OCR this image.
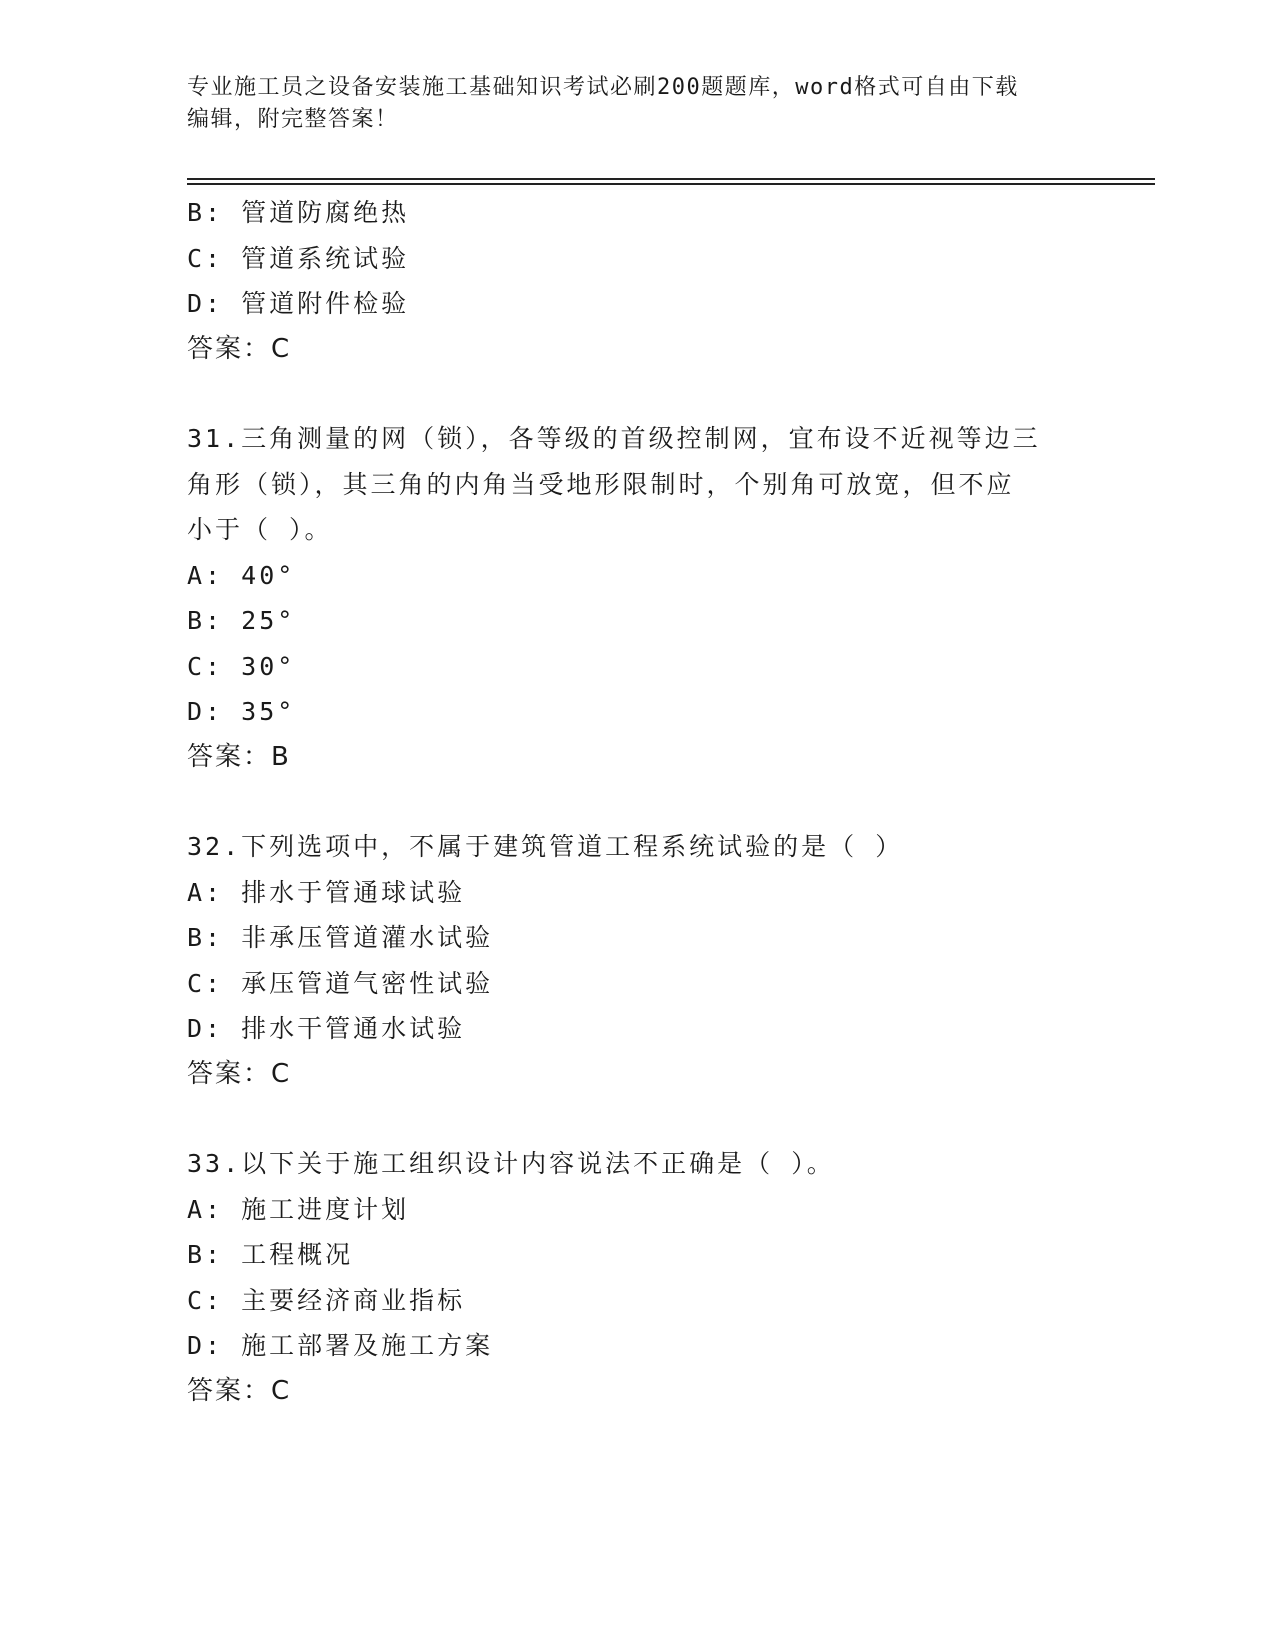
专业施工员之设备安装施工基础知识考试必刷200题题库，word格式可自由下载
编辑，附完整答案！
B: 管道防腐绝热
C: 管道系统试验
D: 管道附件检验
答案：C
31.三角测量的网（锁），各等级的首级控制网，宜布设不近视等边三
角形（锁），其三角的内角当受地形限制时，个别角可放宽，但不应
小于（ ）。
A: 40°
B: 25°
C: 30°
D: 35°
答案：B
32.下列选项中，不属于建筑管道工程系统试验的是（ ）
A: 排水于管通球试验
B: 非承压管道灌水试验
C: 承压管道气密性试验
D: 排水干管通水试验
答案：C
33.以下关于施工组织设计内容说法不正确是（ ）。
A: 施工进度计划
B: 工程概况
C: 主要经济商业指标
D: 施工部署及施工方案
答案：C
